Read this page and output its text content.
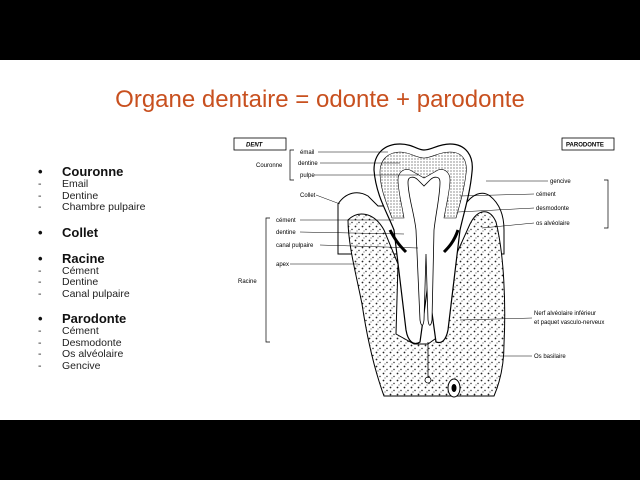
Organe dentaire = odonte + parodonte
•	Couronne
-	Email
-	Dentine
-	Chambre pulpaire
•	Collet
•	Racine
-	Cément
-	Dentine
-	Canal pulpaire
•	Parodonte
-	Cément
-	Desmodonte
-	Os alvéolaire
-	Gencive
DENT	PARODONTE
Couronne
Racine
émail
dentine
pulpe
Collet
cément
dentine
canal pulpaire
apex
gencive
cément
desmodonte
os alvéolaire
Nerf alvéolaire inférieur
et paquet vasculo-nerveux
Os basilaire
